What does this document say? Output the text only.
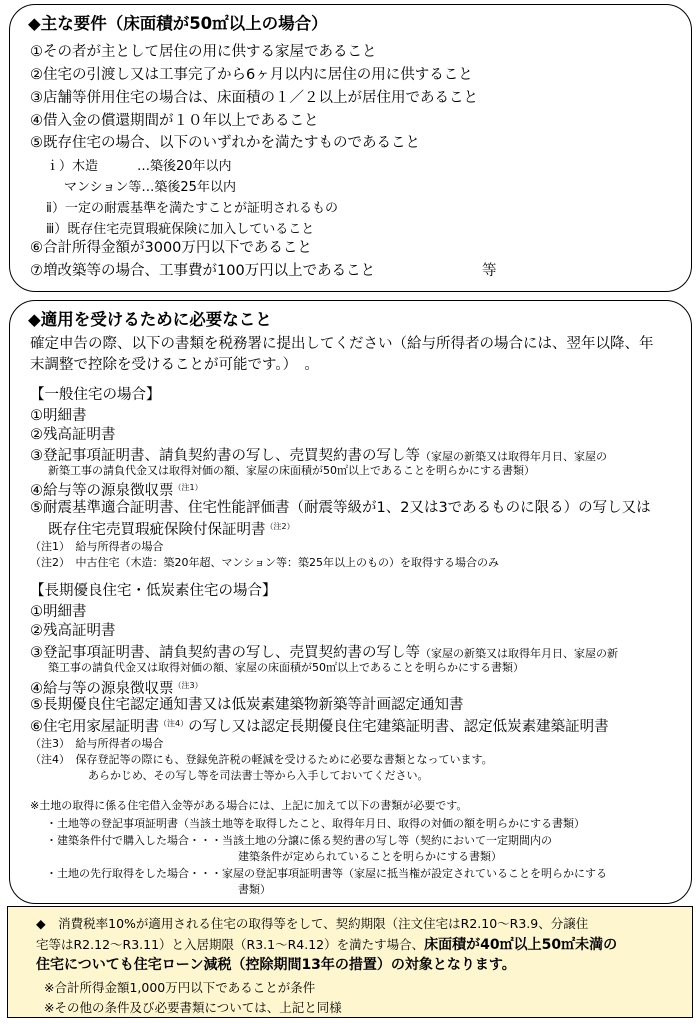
◆主な要件（床面積が50㎡以上の場合）
①その者が主として居住の用に供する家屋であること
②住宅の引渡し又は工事完了から6ヶ月以内に居住の用に供すること
③店舗等併用住宅の場合は、床面積の１／２以上が居住用であること
④借入金の償還期間が１０年以上であること
⑤既存住宅の場合、以下のいずれかを満たすものであること
ｉ）木造　　　…築後20年以内
マンション等…築後25年以内
ⅱ）一定の耐震基準を満たすことが証明されるもの
ⅲ）既存住宅売買瑕疵保険に加入していること
⑥合計所得金額が3000万円以下であること
⑦増改築等の場合、工事費が100万円以上であること	等
◆適用を受けるために必要なこと
確定申告の際、以下の書類を税務署に提出してください（給与所得者の場合には、翌年以降、年
末調整で控除を受けることが可能です。）　。
【一般住宅の場合】
①明細書
②残高証明書
③登記事項証明書、請負契約書の写し、売買契約書の写し等（家屋の新築又は取得年月日、家屋の
新築工事の請負代金又は取得対価の額、家屋の床面積が50㎡以上であることを明らかにする書類）
④給与等の源泉徴収票$^{(注1)}$
⑤耐震基準適合証明書、住宅性能評価書（耐震等級が1、2又は3であるものに限る）の写し又は
既存住宅売買瑕疵保険付保証明書$^{(注2)}$
（注1）　給与所得者の場合
（注2）　中古住宅（木造：築20年超、マンション等：築25年以上のもの）を取得する場合のみ
【長期優良住宅・低炭素住宅の場合】
①明細書
②残高証明書
③登記事項証明書、請負契約書の写し、売買契約書の写し等（家屋の新築又は取得年月日、家屋の新
築工事の請負代金又は取得対価の額、家屋の床面積が50㎡以上であることを明らかにする書類）
④給与等の源泉徴収票$^{(注3)}$
⑤長期優良住宅認定通知書又は低炭素建築物新築等計画認定通知書
⑥住宅用家屋証明書$^{(注4)}$の写し又は認定長期優良住宅建築証明書、認定低炭素建築証明書
（注3）　給与所得者の場合
（注4）　保存登記等の際にも、登録免許税の軽減を受けるために必要な書類となっています。
あらかじめ、その写し等を司法書士等から入手しておいてください。
※土地の取得に係る住宅借入金等がある場合には、上記に加えて以下の書類が必要です。
・土地等の登記事項証明書（当該土地等を取得したこと、取得年月日、取得の対価の額を明らかにする書類）
・建築条件付で購入した場合・・・当該土地の分譲に係る契約書の写し等（契約において一定期間内の
建築条件が定められていることを明らかにする書類）
・土地の先行取得をした場合・・・家屋の登記事項証明書等（家屋に抵当権が設定されていることを明らかにする
書類）
◆　消費税率10%が適用される住宅の取得等をして、契約期限（注文住宅はR2.10～R3.9、分譲住
宅等はR2.12～R3.11）と入居期限（R3.1～R4.12）を満たす場合、床面積が40㎡以上50㎡未満の
住宅についても住宅ローン減税（控除期間13年の措置）の対象となります。
※合計所得金額1,000万円以下であることが条件
※その他の条件及び必要書類については、上記と同様
